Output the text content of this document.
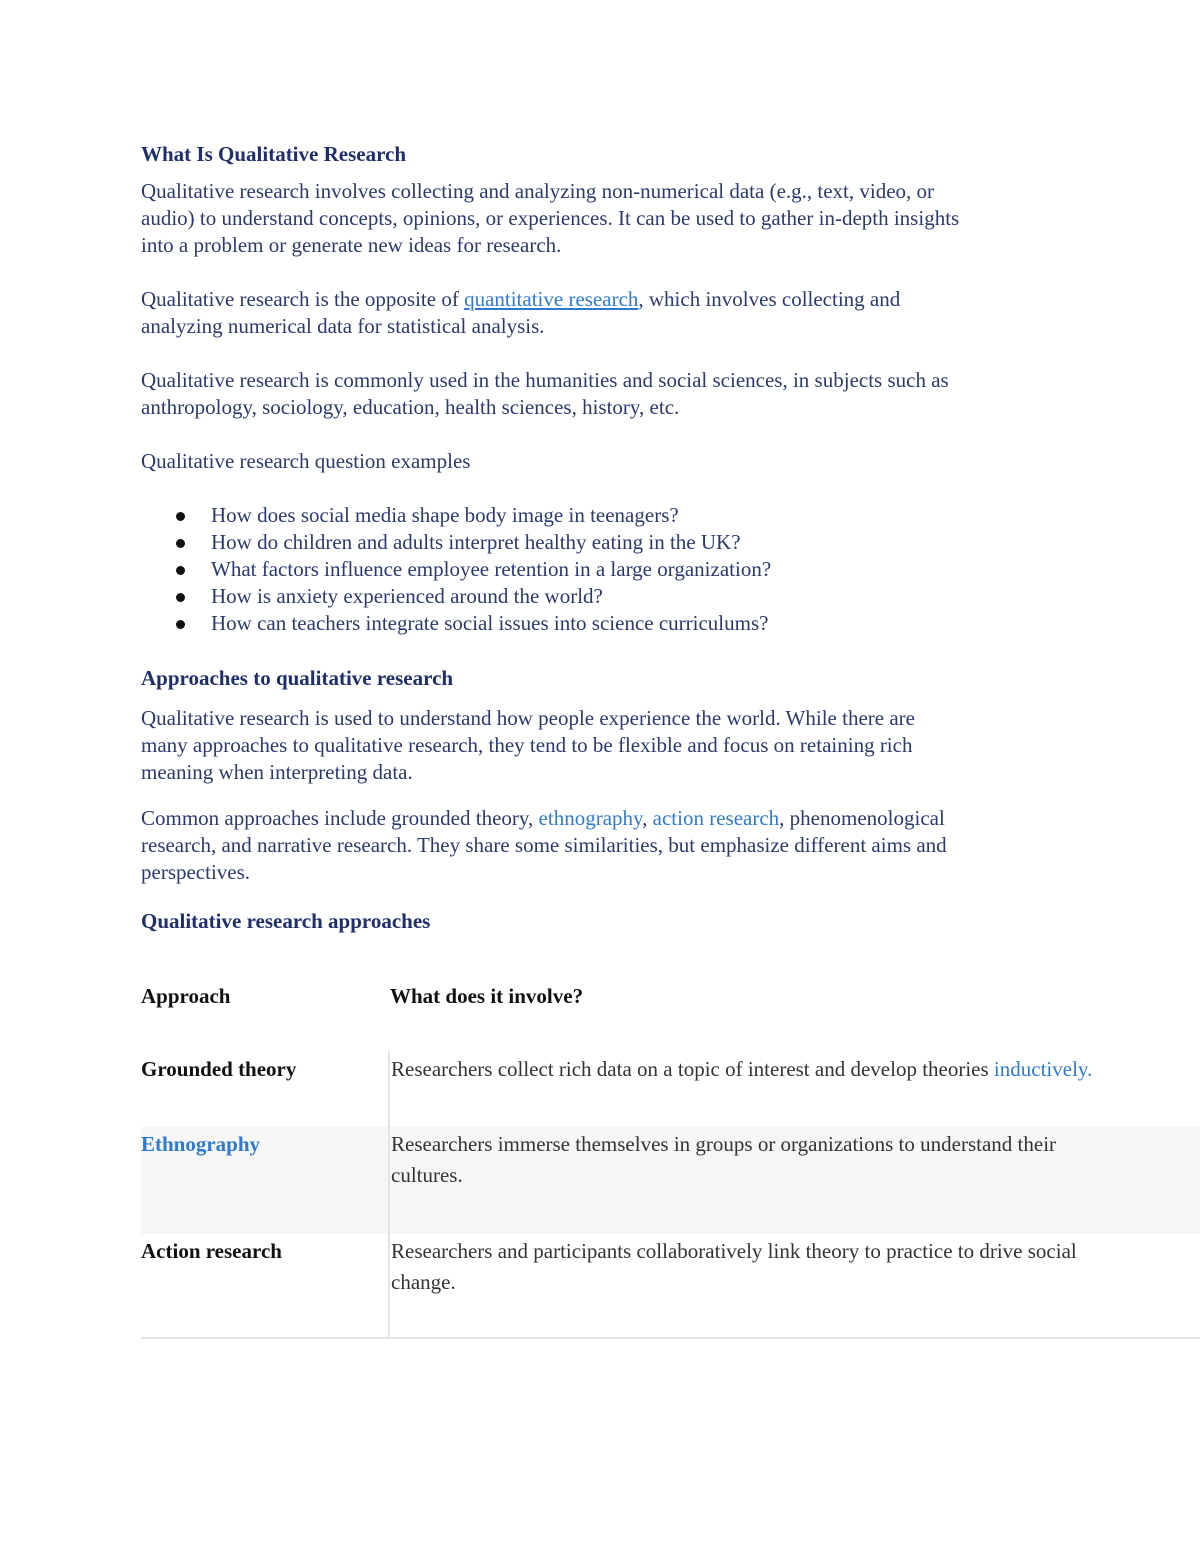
What Is Qualitative Research

Qualitative research involves collecting and analyzing non-numerical data (e.g., text, video, or
audio) to understand concepts, opinions, or experiences. It can be used to gather in-depth insights
into a problem or generate new ideas for research.

Qualitative research is the opposite of quantitative research, which involves collecting and
analyzing numerical data for statistical analysis.

Qualitative research is commonly used in the humanities and social sciences, in subjects such as
anthropology, sociology, education, health sciences, history, etc.

Qualitative research question examples

How does social media shape body image in teenagers?
How do children and adults interpret healthy eating in the UK?
What factors influence employee retention in a large organization?
How is anxiety experienced around the world?
How can teachers integrate social issues into science curriculums?
Approaches to qualitative research

Qualitative research is used to understand how people experience the world. While there are
many approaches to qualitative research, they tend to be flexible and focus on retaining rich
meaning when interpreting data.

Common approaches include grounded theory, ethnography, action research, phenomenological
research, and narrative research. They share some similarities, but emphasize different aims and
perspectives.

Qualitative research approaches
Approach	What does it involve?
Grounded theory	Researchers collect rich data on a topic of interest and develop theories inductively.
Ethnography	Researchers immerse themselves in groups or organizations to understand their
cultures.
Action research	Researchers and participants collaboratively link theory to practice to drive social
change.
